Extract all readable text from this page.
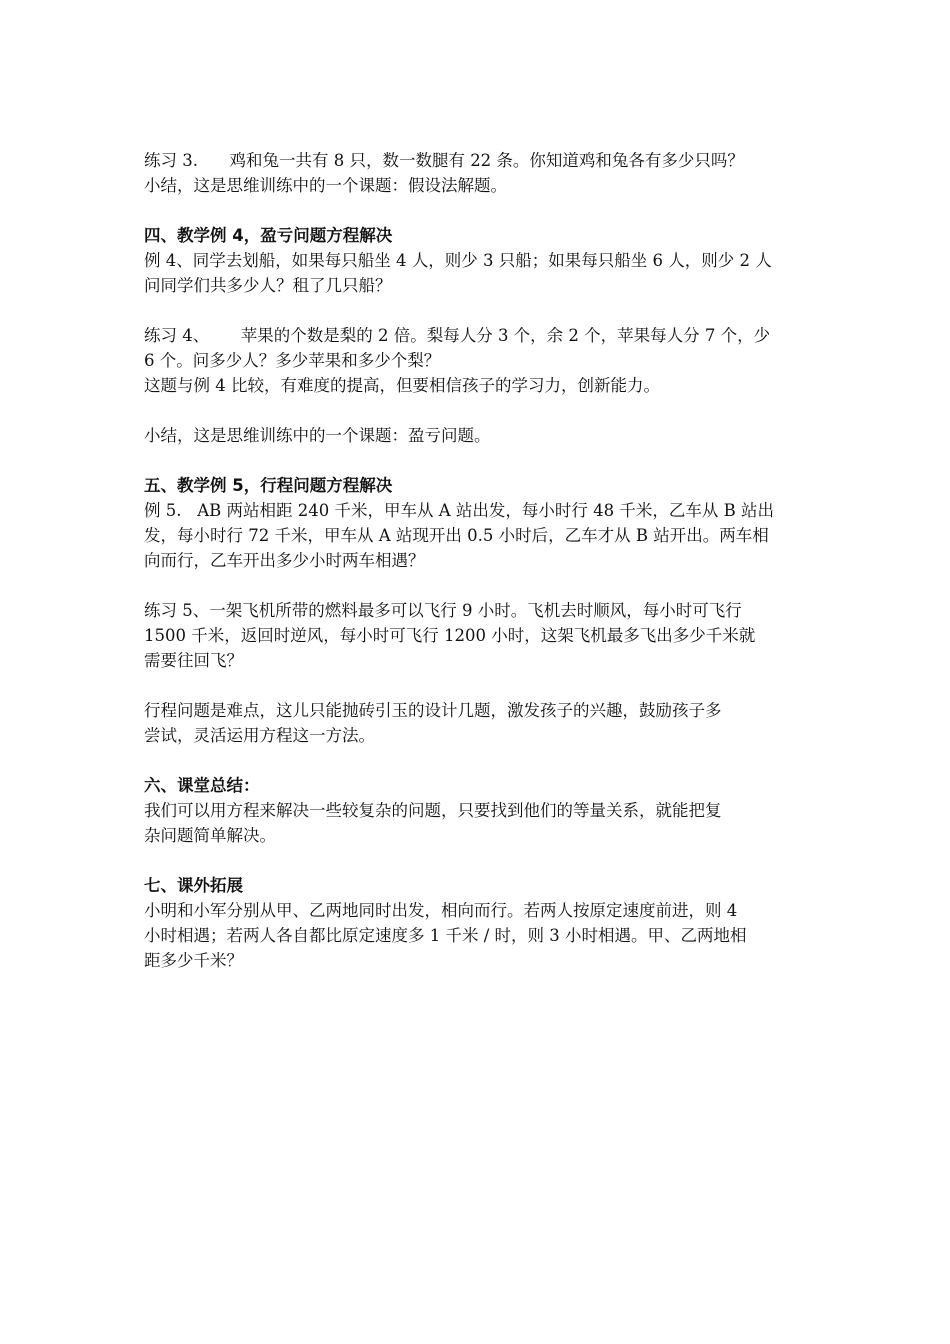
练习 3.      鸡和兔一共有 8 只，数一数腿有 22 条。你知道鸡和兔各有多少只吗？
小结，这是思维训练中的一个课题：假设法解题。
四、教学例 4，盈亏问题方程解决
例 4、同学去划船，如果每只船坐 4 人，则少 3 只船；如果每只船坐 6 人，则少 2 人
问同学们共多少人？租了几只船？
练习 4、      苹果的个数是梨的 2 倍。梨每人分 3 个，余 2 个，苹果每人分 7 个，少
6 个。问多少人？多少苹果和多少个梨？
这题与例 4 比较，有难度的提高，但要相信孩子的学习力，创新能力。
小结，这是思维训练中的一个课题：盈亏问题。
五、教学例 5，行程问题方程解决
例 5.   AB 两站相距 240 千米，甲车从 A 站出发，每小时行 48 千米，乙车从 B 站出
发，每小时行 72 千米，甲车从 A 站现开出 0.5 小时后，乙车才从 B 站开出。两车相
向而行，乙车开出多少小时两车相遇？
练习 5、一架飞机所带的燃料最多可以飞行 9 小时。飞机去时顺风，每小时可飞行
1500 千米，返回时逆风，每小时可飞行 1200 小时，这架飞机最多飞出多少千米就
需要往回飞？
行程问题是难点，这儿只能抛砖引玉的设计几题，激发孩子的兴趣，鼓励孩子多
尝试，灵活运用方程这一方法。
六、课堂总结：
我们可以用方程来解决一些较复杂的问题，只要找到他们的等量关系，就能把复
杂问题简单解决。
七、课外拓展
小明和小军分别从甲、乙两地同时出发，相向而行。若两人按原定速度前进，则 4
小时相遇；若两人各自都比原定速度多 1 千米 / 时，则 3 小时相遇。甲、乙两地相
距多少千米？
